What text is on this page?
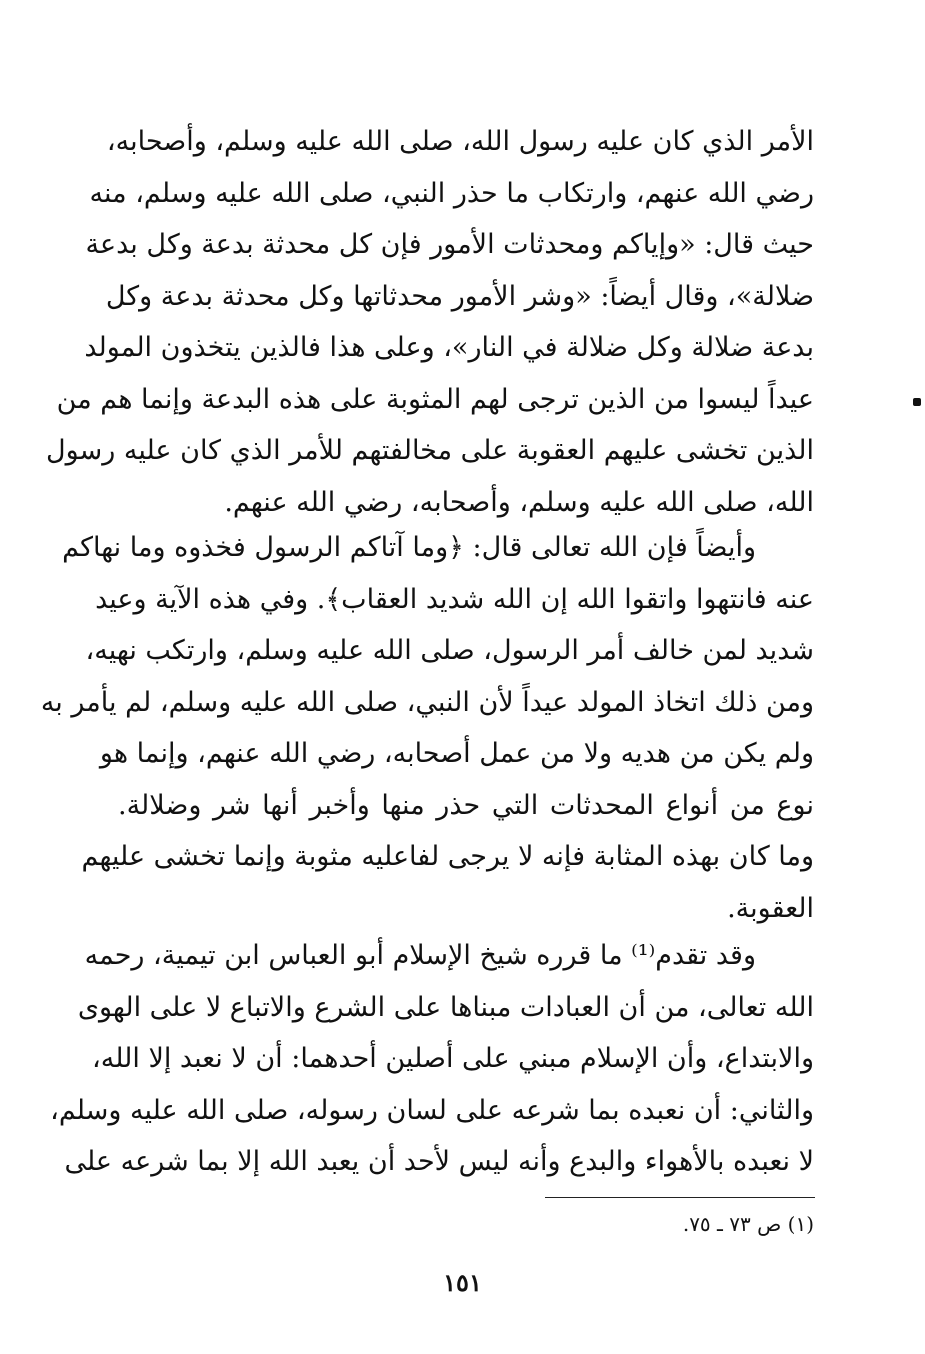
الأمر الذي كان عليه رسول الله، صلى الله عليه وسلم، وأصحابه،
رضي الله عنهم، وارتكاب ما حذر النبي، صلى الله عليه وسلم، منه
حيث قال: «وإياكم ومحدثات الأمور فإن كل محدثة بدعة وكل بدعة
ضلالة»، وقال أيضاً: «وشر الأمور محدثاتها وكل محدثة بدعة وكل
بدعة ضلالة وكل ضلالة في النار»، وعلى هذا فالذين يتخذون المولد
عيداً ليسوا من الذين ترجى لهم المثوبة على هذه البدعة وإنما هم من
الذين تخشى عليهم العقوبة على مخالفتهم للأمر الذي كان عليه رسول
الله، صلى الله عليه وسلم، وأصحابه، رضي الله عنهم.

وأيضاً فإن الله تعالى قال: ﴿وما آتاكم الرسول فخذوه وما نهاكم
عنه فانتهوا واتقوا الله إن الله شديد العقاب﴾. وفي هذه الآية وعيد
شديد لمن خالف أمر الرسول، صلى الله عليه وسلم، وارتكب نهيه،
ومن ذلك اتخاذ المولد عيداً لأن النبي، صلى الله عليه وسلم، لم يأمر به
ولم يكن من هديه ولا من عمل أصحابه، رضي الله عنهم، وإنما هو
نوع من أنواع المحدثات التي حذر منها وأخبر أنها شر وضلالة.
وما كان بهذه المثابة فإنه لا يرجى لفاعليه مثوبة وإنما تخشى عليهم
العقوبة.

وقد تقدم⁽¹⁾ ما قرره شيخ الإسلام أبو العباس ابن تيمية، رحمه
الله تعالى، من أن العبادات مبناها على الشرع والاتباع لا على الهوى
والابتداع، وأن الإسلام مبني على أصلين أحدهما: أن لا نعبد إلا الله،
والثاني: أن نعبده بما شرعه على لسان رسوله، صلى الله عليه وسلم،
لا نعبده بالأهواء والبدع وأنه ليس لأحد أن يعبد الله إلا بما شرعه على

(١) ص ٧٣ ـ ٧٥.
١٥١
